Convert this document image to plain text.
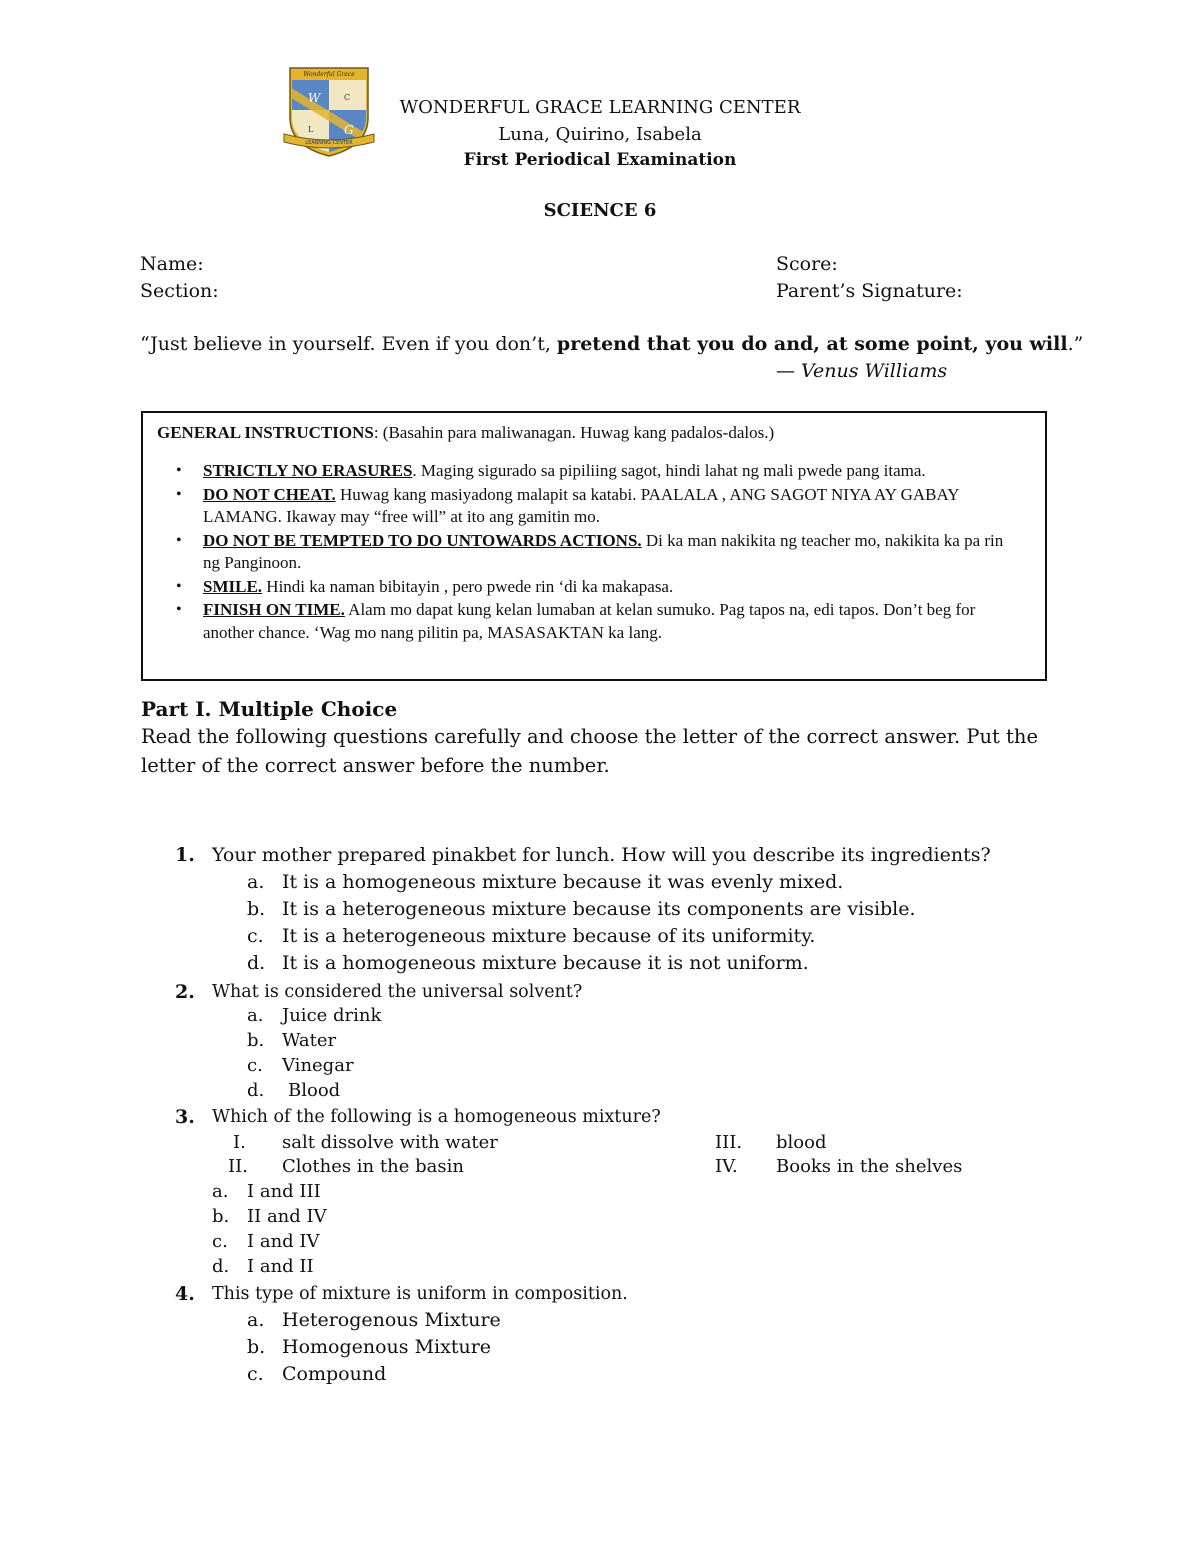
Wonderful Grace
W
G
L
C
LEARNING CENTER
WONDERFUL GRACE LEARNING CENTER
Luna, Quirino, Isabela
First Periodical Examination
SCIENCE 6
Name:	Score:
Section:	Parent’s Signature:
“Just believe in yourself. Even if you don’t, pretend that you do and, at some point, you will.”
— Venus Williams
GENERAL INSTRUCTIONS: (Basahin para maliwanagan. Huwag kang padalos-dalos.)
• STRICTLY NO ERASURES. Maging sigurado sa pipiliing sagot, hindi lahat ng mali pwede pang itama.
• DO NOT CHEAT. Huwag kang masiyadong malapit sa katabi. PAALALA , ANG SAGOT NIYA AY GABAY LAMANG. Ikaway may “free will” at ito ang gamitin mo.
• DO NOT BE TEMPTED TO DO UNTOWARDS ACTIONS. Di ka man nakikita ng teacher mo, nakikita ka pa rin ng Panginoon.
• SMILE. Hindi ka naman bibitayin , pero pwede rin ‘di ka makapasa.
• FINISH ON TIME. Alam mo dapat kung kelan lumaban at kelan sumuko. Pag tapos na, edi tapos. Don’t beg for another chance. ‘Wag mo nang pilitin pa, MASASAKTAN ka lang.
Part I. Multiple Choice
Read the following questions carefully and choose the letter of the correct answer. Put the letter of the correct answer before the number.
1. Your mother prepared pinakbet for lunch. How will you describe its ingredients?
a. It is a homogeneous mixture because it was evenly mixed.
b. It is a heterogeneous mixture because its components are visible.
c. It is a heterogeneous mixture because of its uniformity.
d. It is a homogeneous mixture because it is not uniform.
2. What is considered the universal solvent?
a. Juice drink
b. Water
c. Vinegar
d. Blood
3. Which of the following is a homogeneous mixture?
I. salt dissolve with water
II. Clothes in the basin
III. blood
IV. Books in the shelves
a. I and III
b. II and IV
c. I and IV
d. I and II
4. This type of mixture is uniform in composition.
a. Heterogenous Mixture
b. Homogenous Mixture
c. Compound
